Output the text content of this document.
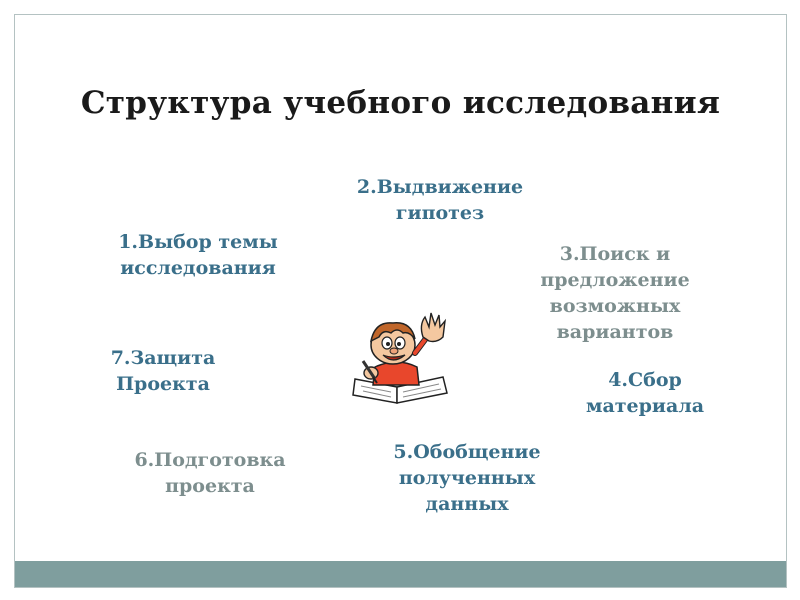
Структура учебного исследования
1.Выбор темы
исследования
2.Выдвижение
гипотез
3.Поиск и
предложение
возможных
вариантов
4.Сбор
материала
5.Обобщение
полученных
данных
6.Подготовка
проекта
7.Защита
Проекта
